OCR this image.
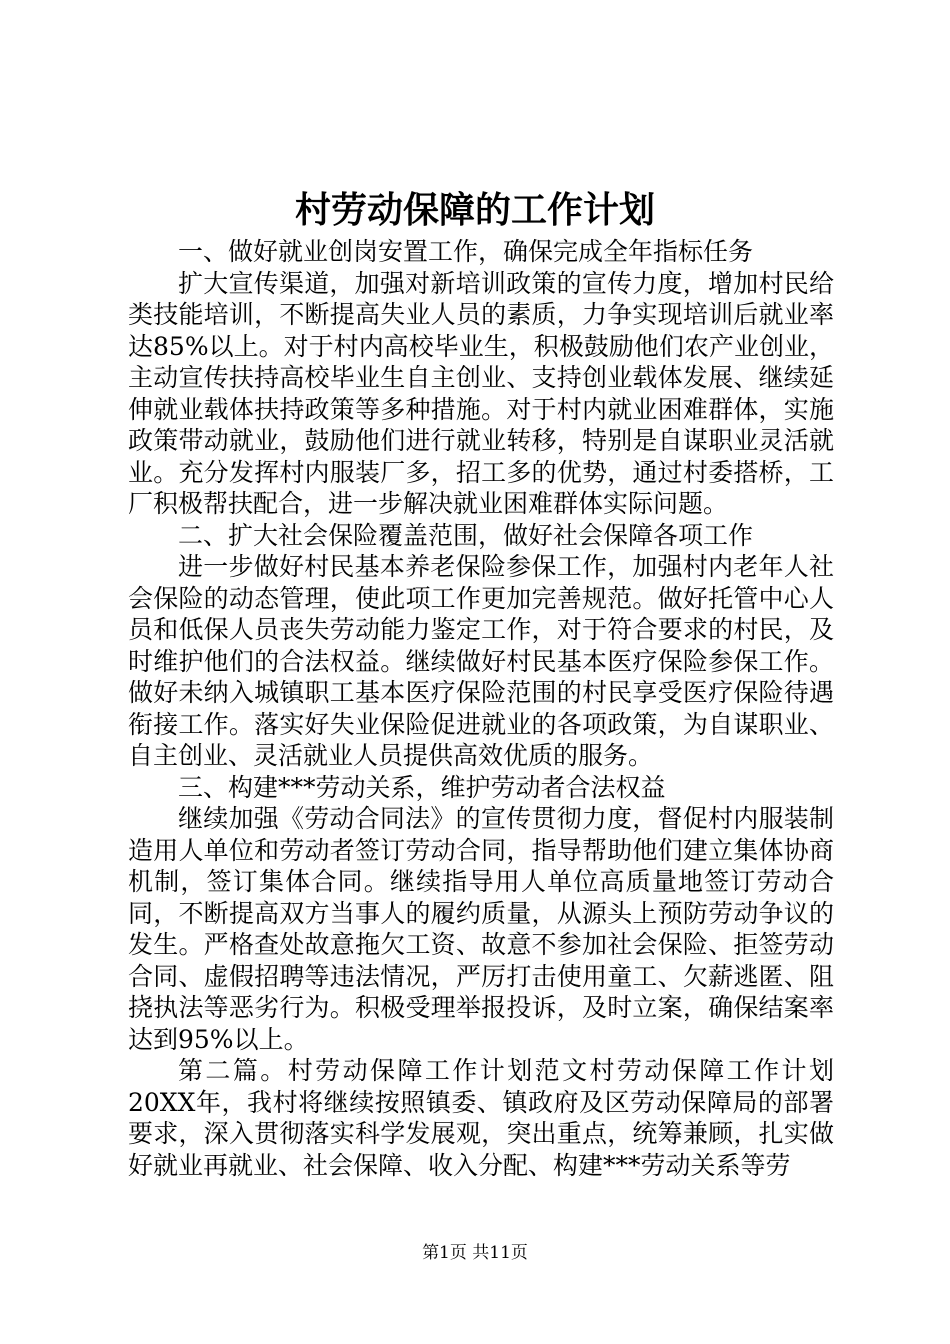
村劳动保障的工作计划

一、做好就业创岗安置工作，确保完成全年指标任务

扩大宣传渠道，加强对新培训政策的宣传力度，增加村民给类技能培训，不断提高失业人员的素质，力争实现培训后就业率达85%以上。对于村内高校毕业生，积极鼓励他们农产业创业，主动宣传扶持高校毕业生自主创业、支持创业载体发展、继续延伸就业载体扶持政策等多种措施。对于村内就业困难群体，实施政策带动就业，鼓励他们进行就业转移，特别是自谋职业灵活就业。充分发挥村内服装厂多，招工多的优势，通过村委搭桥，工厂积极帮扶配合，进一步解决就业困难群体实际问题。

二、扩大社会保险覆盖范围，做好社会保障各项工作

进一步做好村民基本养老保险参保工作，加强村内老年人社会保险的动态管理，使此项工作更加完善规范。做好托管中心人员和低保人员丧失劳动能力鉴定工作，对于符合要求的村民，及时维护他们的合法权益。继续做好村民基本医疗保险参保工作。做好未纳入城镇职工基本医疗保险范围的村民享受医疗保险待遇衔接工作。落实好失业保险促进就业的各项政策，为自谋职业、自主创业、灵活就业人员提供高效优质的服务。

三、构建***劳动关系，维护劳动者合法权益

继续加强《劳动合同法》的宣传贯彻力度，督促村内服装制造用人单位和劳动者签订劳动合同，指导帮助他们建立集体协商机制，签订集体合同。继续指导用人单位高质量地签订劳动合同，不断提高双方当事人的履约质量，从源头上预防劳动争议的发生。严格查处故意拖欠工资、故意不参加社会保险、拒签劳动合同、虚假招聘等违法情况，严厉打击使用童工、欠薪逃匿、阻挠执法等恶劣行为。积极受理举报投诉，及时立案，确保结案率达到95%以上。

第二篇。村劳动保障工作计划范文村劳动保障工作计划20XX年，我村将继续按照镇委、镇政府及区劳动保障局的部署要求，深入贯彻落实科学发展观，突出重点，统筹兼顾，扎实做好就业再就业、社会保障、收入分配、构建***劳动关系等劳

第1页 共11页
